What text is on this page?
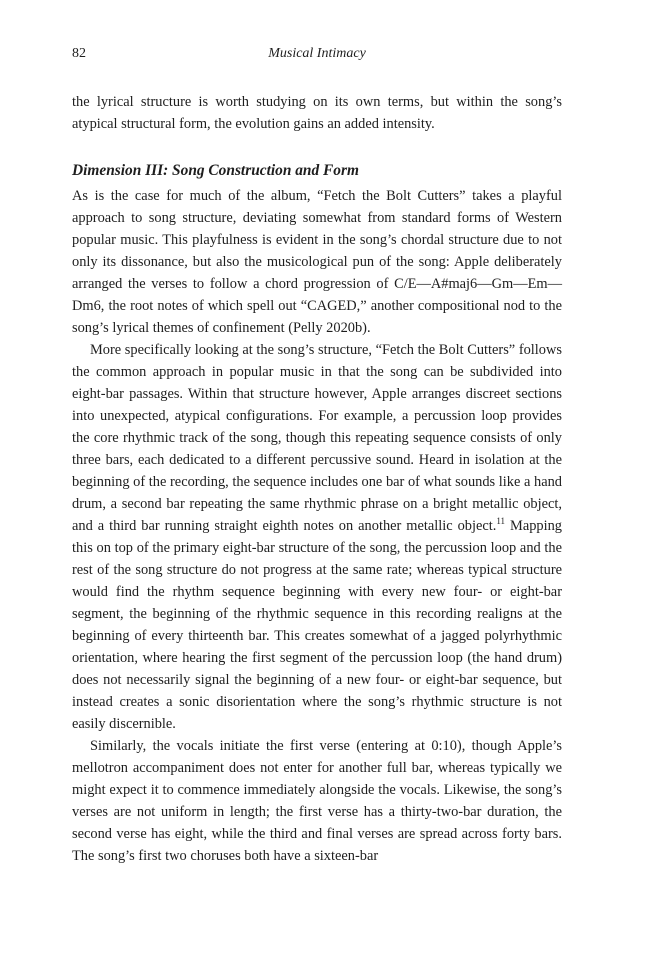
82	Musical Intimacy

the lyrical structure is worth studying on its own terms, but within the song’s atypical structural form, the evolution gains an added intensity.

Dimension III: Song Construction and Form

As is the case for much of the album, “Fetch the Bolt Cutters” takes a playful approach to song structure, deviating somewhat from standard forms of Western popular music. This playfulness is evident in the song’s chordal structure due to not only its dissonance, but also the musicological pun of the song: Apple deliberately arranged the verses to follow a chord progression of C/E—A#maj6—Gm—Em—Dm6, the root notes of which spell out “CAGED,” another compositional nod to the song’s lyrical themes of confinement (Pelly 2020b).

More specifically looking at the song’s structure, “Fetch the Bolt Cutters” follows the common approach in popular music in that the song can be subdivided into eight-bar passages. Within that structure however, Apple arranges discreet sections into unexpected, atypical configurations. For example, a percussion loop provides the core rhythmic track of the song, though this repeating sequence consists of only three bars, each dedicated to a different percussive sound. Heard in isolation at the beginning of the recording, the sequence includes one bar of what sounds like a hand drum, a second bar repeating the same rhythmic phrase on a bright metallic object, and a third bar running straight eighth notes on another metallic object.$^{11}$ Mapping this on top of the primary eight-bar structure of the song, the percussion loop and the rest of the song structure do not progress at the same rate; whereas typical structure would find the rhythm sequence beginning with every new four- or eight-bar segment, the beginning of the rhythmic sequence in this recording realigns at the beginning of every thirteenth bar. This creates somewhat of a jagged polyrhythmic orientation, where hearing the first segment of the percussion loop (the hand drum) does not necessarily signal the beginning of a new four- or eight-bar sequence, but instead creates a sonic disorientation where the song’s rhythmic structure is not easily discernible.

Similarly, the vocals initiate the first verse (entering at 0:10), though Apple’s mellotron accompaniment does not enter for another full bar, whereas typically we might expect it to commence immediately alongside the vocals. Likewise, the song’s verses are not uniform in length; the first verse has a thirty-two-bar duration, the second verse has eight, while the third and final verses are spread across forty bars. The song’s first two choruses both have a sixteen-bar
